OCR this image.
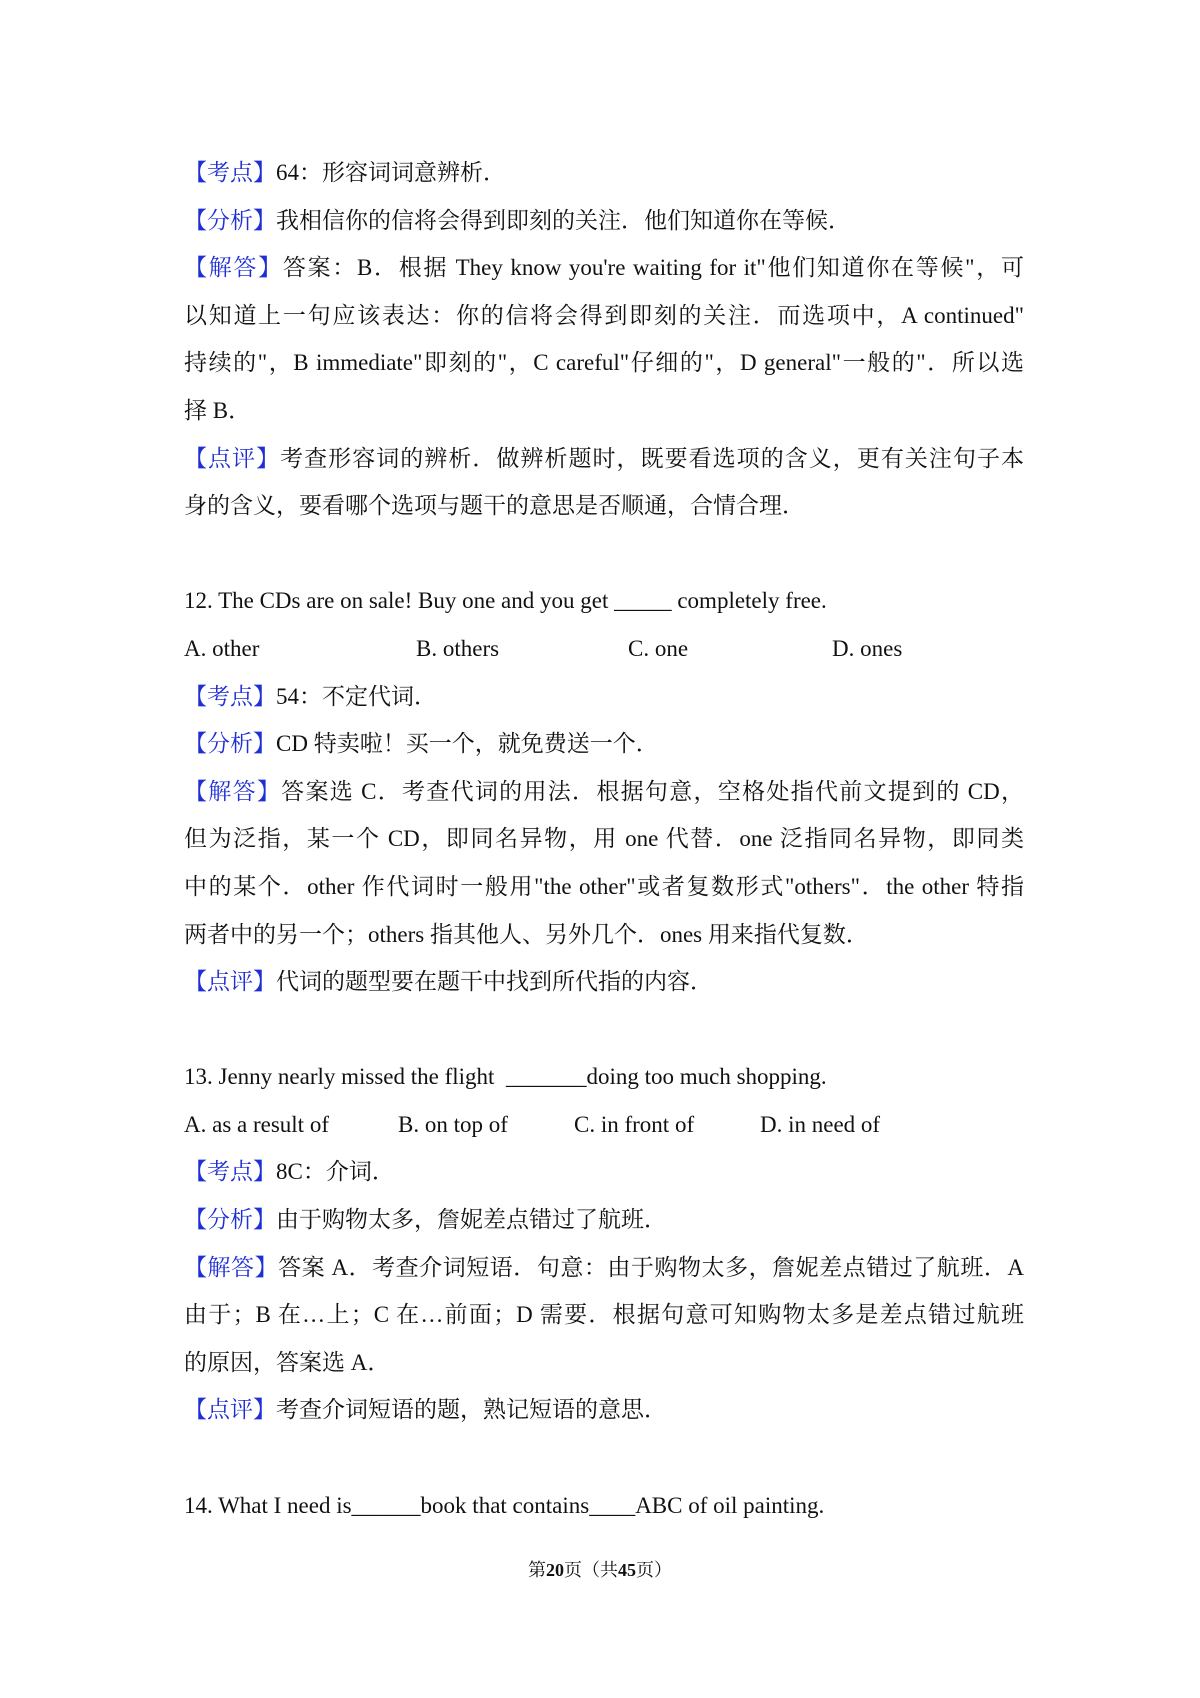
【考点】64：形容词词意辨析．
【分析】我相信你的信将会得到即刻的关注．他们知道你在等候．
【解答】答案：B．根据 They know you're waiting for it"他们知道你在等候"，可
以知道上一句应该表达：你的信将会得到即刻的关注．而选项中，A continued"
持续的"，B immediate"即刻的"，C careful"仔细的"，D general"一般的"．所以选
择 B．
【点评】考查形容词的辨析．做辨析题时，既要看选项的含义，更有关注句子本
身的含义，要看哪个选项与题干的意思是否顺通，合情合理．
12. The CDs are on sale! Buy one and you get _____ completely free.
A. other	B. others	C. one	D. ones
【考点】54：不定代词．
【分析】CD 特卖啦！买一个，就免费送一个．
【解答】答案选 C．考查代词的用法．根据句意，空格处指代前文提到的 CD，
但为泛指，某一个 CD，即同名异物，用 one 代替．one 泛指同名异物，即同类
中的某个．other 作代词时一般用"the other"或者复数形式"others"．the other 特指
两者中的另一个；others 指其他人、另外几个．ones 用来指代复数．
【点评】代词的题型要在题干中找到所代指的内容．
13. Jenny nearly missed the flight  _______doing too much shopping.
A. as a result of	B. on top of	C. in front of	D. in need of
【考点】8C：介词．
【分析】由于购物太多，詹妮差点错过了航班．
【解答】答案 A．考查介词短语．句意：由于购物太多，詹妮差点错过了航班．A
由于；B 在…上；C 在…前面；D 需要．根据句意可知购物太多是差点错过航班
的原因，答案选 A．
【点评】考查介词短语的题，熟记短语的意思．
14. What I need is______book that contains____ABC of oil painting.
第20页（共45页）
